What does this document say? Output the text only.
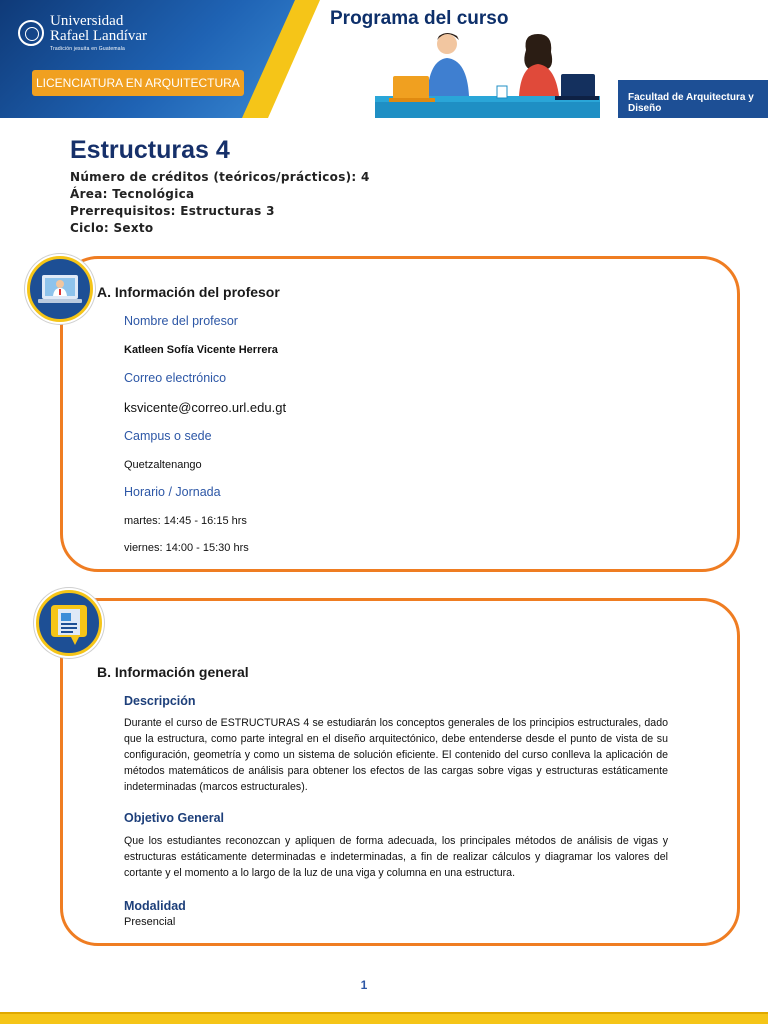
Universidad
Rafael Landívar
Tradición jesuita en Guatemala
LICENCIATURA EN ARQUITECTURA
Programa del curso
Facultad de Arquitectura y Diseño
Estructuras 4
Número de créditos (teóricos/prácticos): 4
Área: Tecnológica
Prerrequisitos: Estructuras 3
Ciclo: Sexto
A. Información del profesor
Nombre del profesor
Katleen Sofía Vicente Herrera
Correo electrónico
ksvicente@correo.url.edu.gt
Campus o sede
Quetzaltenango
Horario / Jornada
martes: 14:45 - 16:15 hrs
viernes: 14:00 - 15:30 hrs
B. Información general
Descripción
Durante el curso de ESTRUCTURAS 4 se estudiarán los conceptos generales de los principios estructurales, dado que la estructura, como parte integral en el diseño arquitectónico, debe entenderse desde el punto de vista de su configuración, geometría y como un sistema de solución eficiente. El contenido del curso conlleva la aplicación de métodos matemáticos de análisis para obtener los efectos de las cargas sobre vigas y estructuras estáticamente indeterminadas (marcos estructurales).
Objetivo General
Que los estudiantes reconozcan y apliquen de forma adecuada, los principales métodos de análisis de vigas y estructuras estáticamente determinadas e indeterminadas, a fin de realizar cálculos y diagramar los valores del cortante y el momento a lo largo de la luz de una viga y columna en una estructura.
Modalidad
Presencial
1
